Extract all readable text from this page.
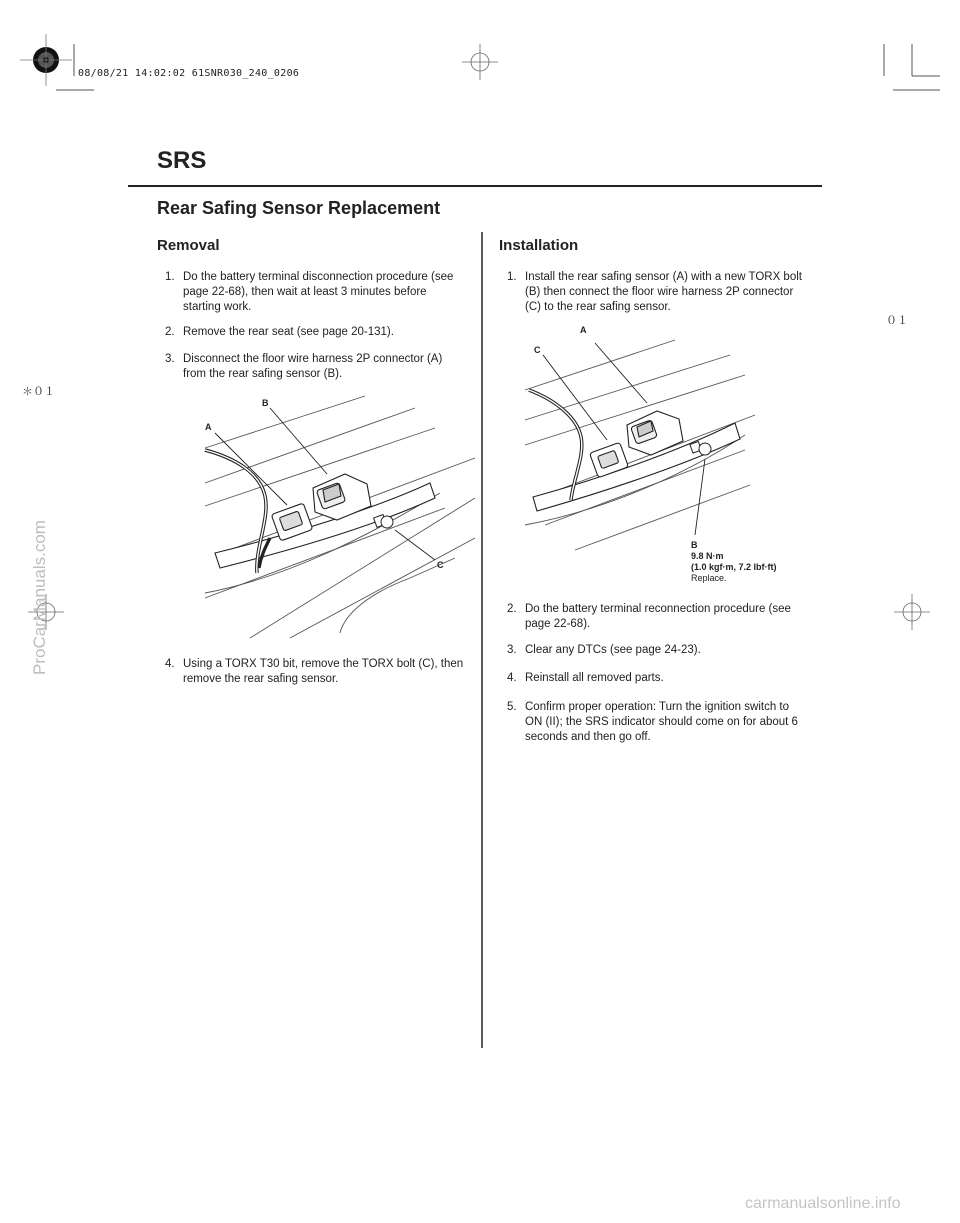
08/08/21 14:02:02 61SNR030_240_0206
SRS
Rear Safing Sensor Replacement
Removal
1. Do the battery terminal disconnection procedure (see page 22-68), then wait at least 3 minutes before starting work.
2. Remove the rear seat (see page 20-131).
3. Disconnect the floor wire harness 2P connector (A) from the rear safing sensor (B).
A
B
C
4. Using a TORX T30 bit, remove the TORX bolt (C), then remove the rear safing sensor.
Installation
1. Install the rear safing sensor (A) with a new TORX bolt (B) then connect the floor wire harness 2P connector (C) to the rear safing sensor.
A
C
B
9.8 N·m
(1.0 kgf·m, 7.2 lbf·ft)
Replace.
2. Do the battery terminal reconnection procedure (see page 22-68).
3. Clear any DTCs (see page 24-23).
4. Reinstall all removed parts.
5. Confirm proper operation: Turn the ignition switch to ON (II); the SRS indicator should come on for about 6 seconds and then go off.
０１
＊０１
ProCarManuals.com
carmanualsonline.info
